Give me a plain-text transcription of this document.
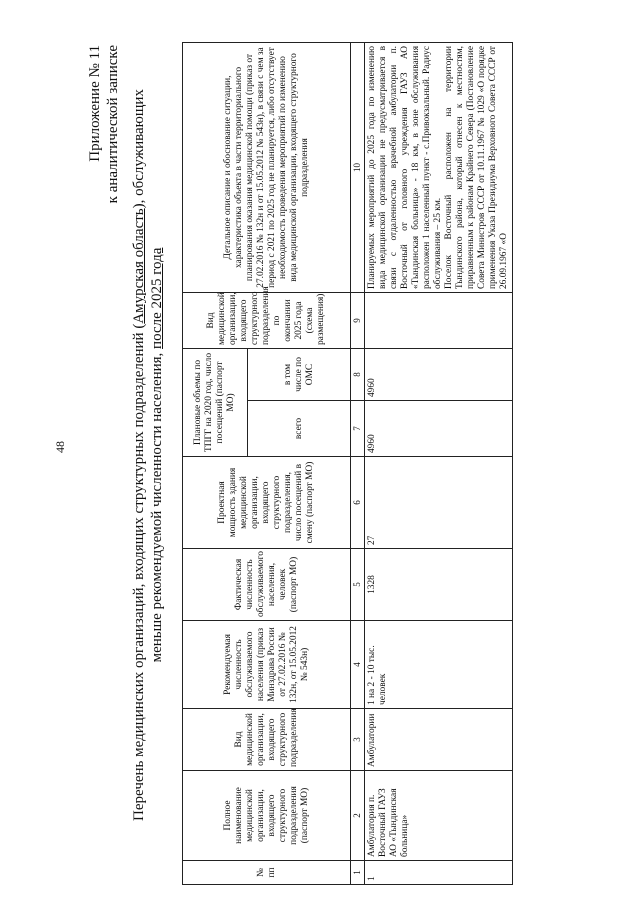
48
Приложение № 11 к аналитической записке
Перечень медицинских организаций, входящих структурных подразделений (Амурская область), обслуживающих
меньше рекомендуемой численности населения, после 2025 года
№ пп	Полное наименование медицинской организации, входящего структурного подразделения (паспорт МО)	Вид медицинской организации, входящего структурного подразделения	Рекомендуемая численность обслуживаемого населения (приказ Минздрава России от 27.02.2016 № 132н, от 15.05.2012 № 543н)	Фактическая численность обслуживаемого населения, человек (паспорт МО)	Проектная мощность здания медицинской организации, входящего структурного подразделения, число посещений в смену (паспорт МО)	Плановые объемы по ТПГГ на 2020 год, число посещений (паспорт МО)		Вид медицинской организации, входящего структурного подразделения по окончании 2025 года (схема размещения)	Детальное описание и обоснование ситуации, характеристика объекта в части территориального планирования оказания медицинской помощи (приказ от 27.02.2016 № 132н и от 15.05.2012 № 543н), в связи с чем за период с 2021 по 2025 год не планируется, либо отсутствует необходимость проведения мероприятий по изменению вида медицинской организации, входящего структурного подразделения
						всего	в том числе по ОМС		
1	2	3	4	5	6	7	8	9	10
1	Амбулатория п. Восточный ГАУЗ АО «Тындинская больница»	Амбулатории	1 на 2 - 10 тыс. человек	1328	27	4960	4960		Планируемых мероприятий до 2025 года по изменению вида медицинской организации не предусматривается в связи с отдаленностью врачебной амбулатории п. Восточный от головного учреждения ГАУЗ АО «Тындинская больница» - 18 км, в зоне обслуживания расположен 1 населенный пункт - с.Привокзальный. Радиус обслуживания – 25 км. Поселок Восточный расположен на территории Тындинского района, который отнесен к местностям, приравненным к районам Крайнего Севера (Постановление Совета Министров СССР от 10.11.1967 № 1029 «О порядке применения Указа Президиума Верховного Совета СССР от 26.09.1967 «О
